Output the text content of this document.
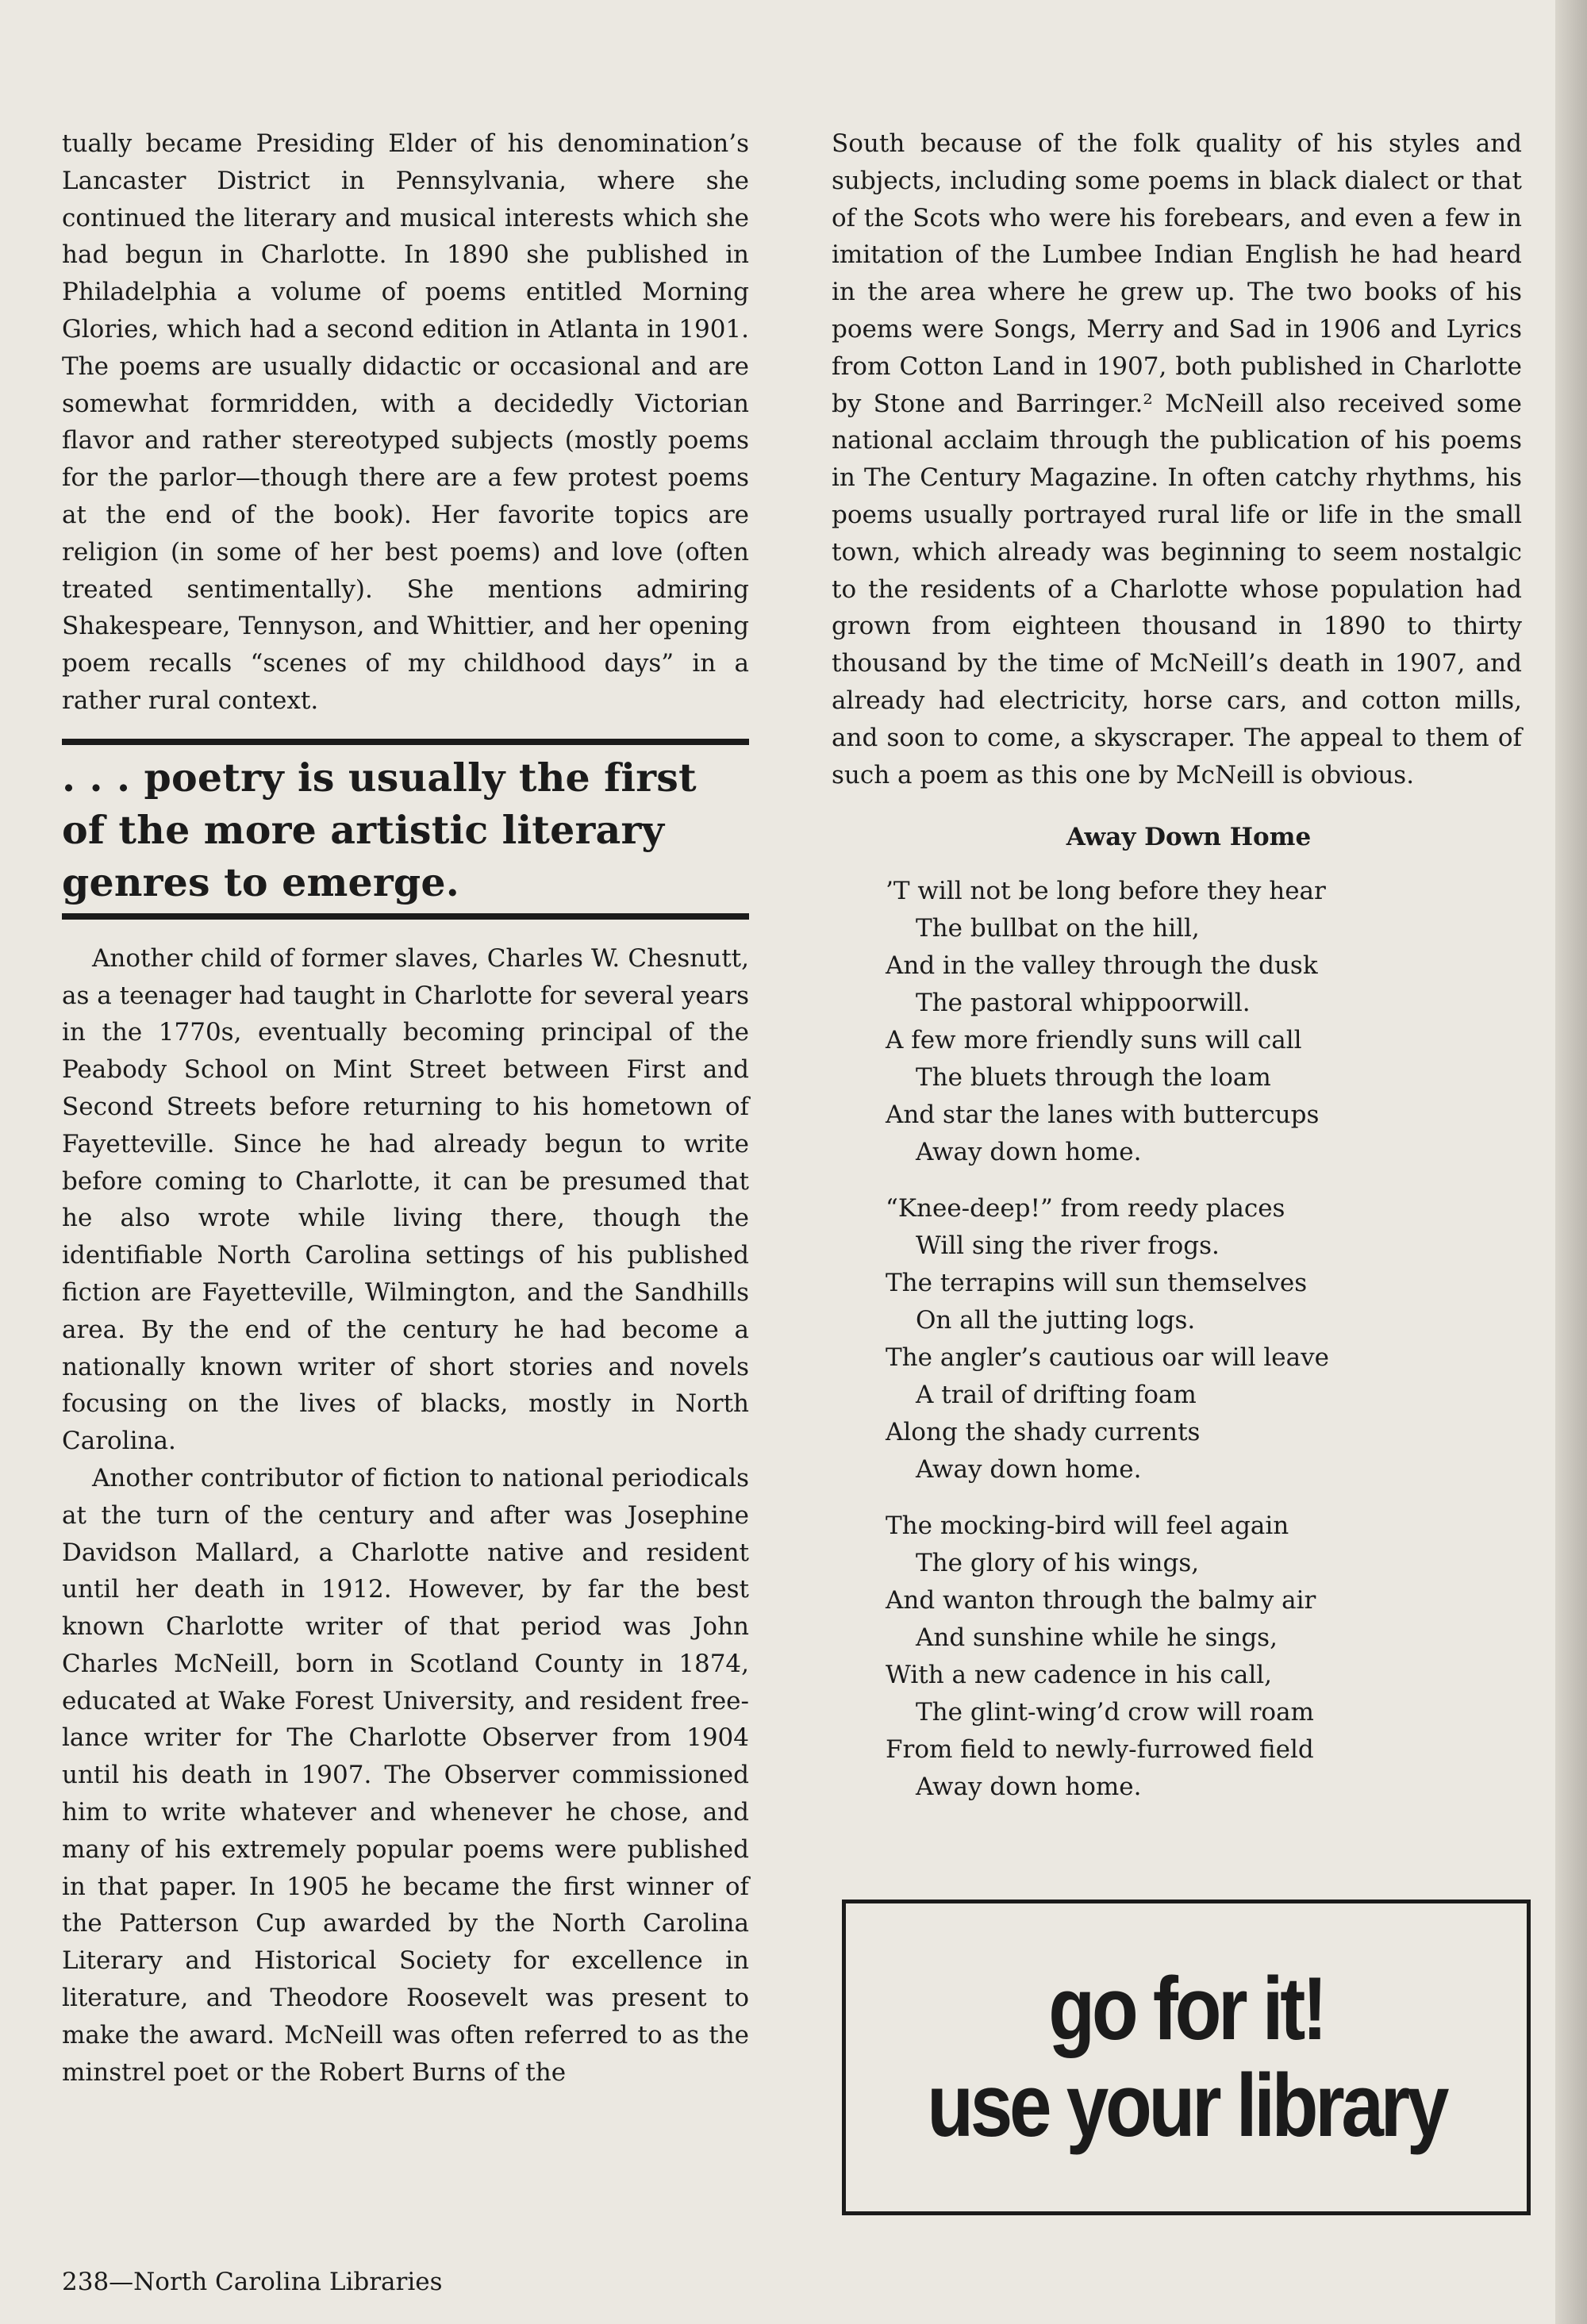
tually became Presiding Elder of his denomination’s Lancaster District in Pennsylvania, where she continued the literary and musical interests which she had begun in Charlotte. In 1890 she published in Philadelphia a volume of poems entitled Morning Glories, which had a second edition in Atlanta in 1901. The poems are usually didactic or occasional and are somewhat formridden, with a decidedly Victorian flavor and rather stereotyped subjects (mostly poems for the parlor—though there are a few protest poems at the end of the book). Her favorite topics are religion (in some of her best poems) and love (often treated sentimentally). She mentions admiring Shakespeare, Tennyson, and Whittier, and her opening poem recalls “scenes of my childhood days” in a rather rural context.

. . . poetry is usually the first of the more artistic literary genres to emerge.

Another child of former slaves, Charles W. Chesnutt, as a teenager had taught in Charlotte for several years in the 1770s, eventually becoming principal of the Peabody School on Mint Street between First and Second Streets before returning to his hometown of Fayetteville. Since he had already begun to write before coming to Charlotte, it can be presumed that he also wrote while living there, though the identifiable North Carolina settings of his published fiction are Fayetteville, Wilmington, and the Sandhills area. By the end of the century he had become a nationally known writer of short stories and novels focusing on the lives of blacks, mostly in North Carolina.

Another contributor of fiction to national periodicals at the turn of the century and after was Josephine Davidson Mallard, a Charlotte native and resident until her death in 1912. However, by far the best known Charlotte writer of that period was John Charles McNeill, born in Scotland County in 1874, educated at Wake Forest University, and resident free-lance writer for The Charlotte Observer from 1904 until his death in 1907. The Observer commissioned him to write whatever and whenever he chose, and many of his extremely popular poems were published in that paper. In 1905 he became the first winner of the Patterson Cup awarded by the North Carolina Literary and Historical Society for excellence in literature, and Theodore Roosevelt was present to make the award. McNeill was often referred to as the minstrel poet or the Robert Burns of the

South because of the folk quality of his styles and subjects, including some poems in black dialect or that of the Scots who were his forebears, and even a few in imitation of the Lumbee Indian English he had heard in the area where he grew up. The two books of his poems were Songs, Merry and Sad in 1906 and Lyrics from Cotton Land in 1907, both published in Charlotte by Stone and Barringer.² McNeill also received some national acclaim through the publication of his poems in The Century Magazine. In often catchy rhythms, his poems usually portrayed rural life or life in the small town, which already was beginning to seem nostalgic to the residents of a Charlotte whose population had grown from eighteen thousand in 1890 to thirty thousand by the time of McNeill’s death in 1907, and already had electricity, horse cars, and cotton mills, and soon to come, a skyscraper. The appeal to them of such a poem as this one by McNeill is obvious.

Away Down Home
’T will not be long before they hear
The bullbat on the hill,
And in the valley through the dusk
The pastoral whippoorwill.
A few more friendly suns will call
The bluets through the loam
And star the lanes with buttercups
Away down home.
“Knee-deep!” from reedy places
Will sing the river frogs.
The terrapins will sun themselves
On all the jutting logs.
The angler’s cautious oar will leave
A trail of drifting foam
Along the shady currents
Away down home.
The mocking-bird will feel again
The glory of his wings,
And wanton through the balmy air
And sunshine while he sings,
With a new cadence in his call,
The glint-wing’d crow will roam
From field to newly-furrowed field
Away down home.
go for it!
use your library
238—North Carolina Libraries
